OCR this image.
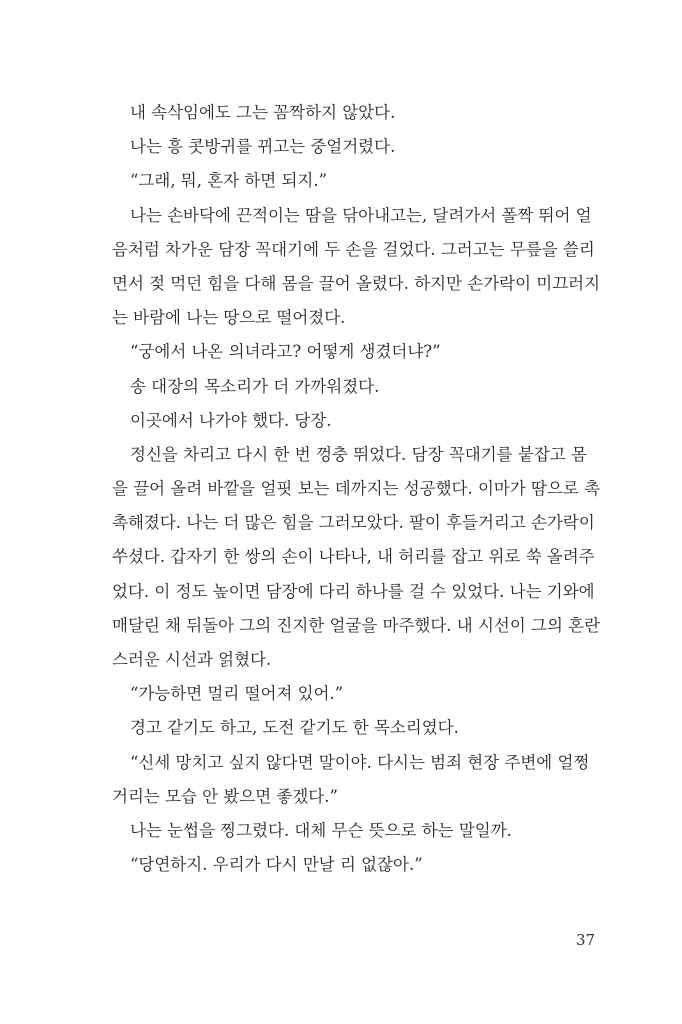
내 속삭임에도 그는 꼼짝하지 않았다.
나는 흥 콧방귀를 뀌고는 중얼거렸다.
“그래, 뭐, 혼자 하면 되지.”
나는 손바닥에 끈적이는 땀을 닦아내고는, 달려가서 폴짝 뛰어 얼
음처럼 차가운 담장 꼭대기에 두 손을 걸었다. 그러고는 무릎을 쓸리
면서 젖 먹던 힘을 다해 몸을 끌어 올렸다. 하지만 손가락이 미끄러지
는 바람에 나는 땅으로 떨어졌다.
“궁에서 나온 의녀라고? 어떻게 생겼더냐?”
송 대장의 목소리가 더 가까워졌다.
이곳에서 나가야 했다. 당장.
정신을 차리고 다시 한 번 껑충 뛰었다. 담장 꼭대기를 붙잡고 몸
을 끌어 올려 바깥을 얼핏 보는 데까지는 성공했다. 이마가 땀으로 촉
촉해졌다. 나는 더 많은 힘을 그러모았다. 팔이 후들거리고 손가락이
쑤셨다. 갑자기 한 쌍의 손이 나타나, 내 허리를 잡고 위로 쑥 올려주
었다. 이 정도 높이면 담장에 다리 하나를 걸 수 있었다. 나는 기와에
매달린 채 뒤돌아 그의 진지한 얼굴을 마주했다. 내 시선이 그의 혼란
스러운 시선과 얽혔다.
“가능하면 멀리 떨어져 있어.”
경고 같기도 하고, 도전 같기도 한 목소리였다.
“신세 망치고 싶지 않다면 말이야. 다시는 범죄 현장 주변에 얼쩡
거리는 모습 안 봤으면 좋겠다.”
나는 눈썹을 찡그렸다. 대체 무슨 뜻으로 하는 말일까.
“당연하지. 우리가 다시 만날 리 없잖아.”
37
